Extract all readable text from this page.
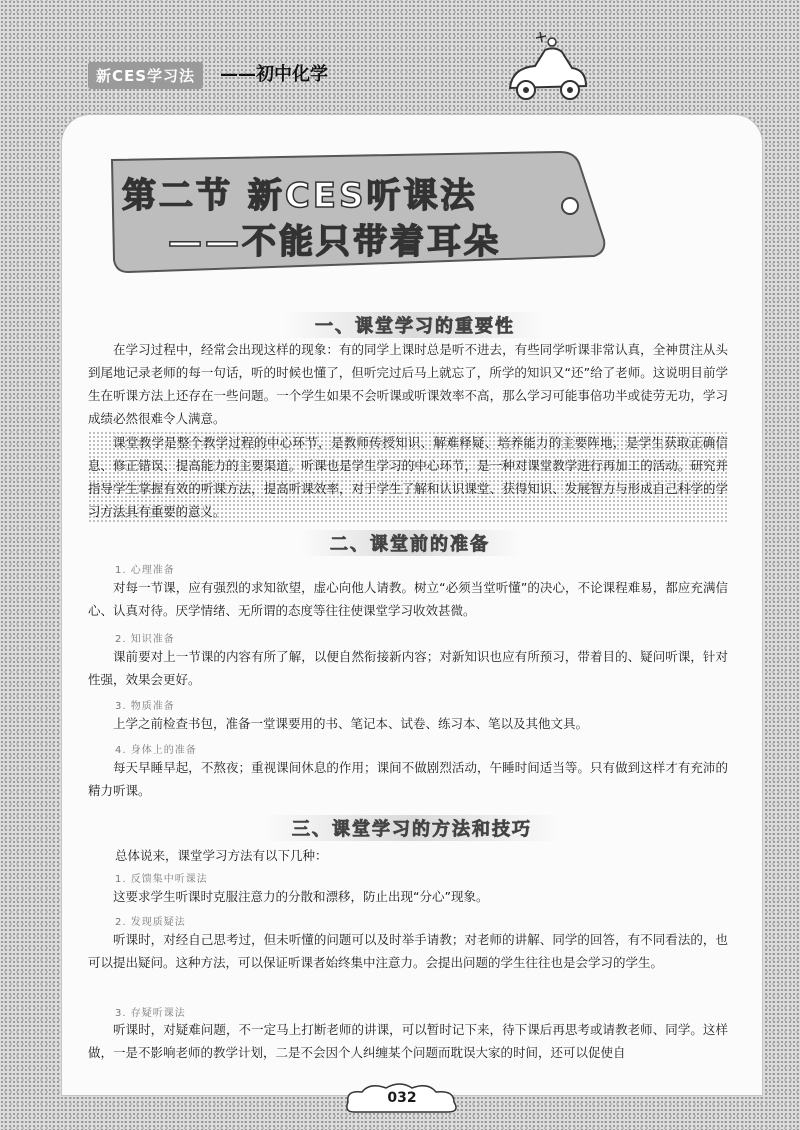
新CES学习法	——初中化学
第二节 新CES听课法
——不能只带着耳朵
一、课堂学习的重要性

在学习过程中，经常会出现这样的现象：有的同学上课时总是听不进去，有些同学听课非常认真，全神贯注从头到尾地记录老师的每一句话，听的时候也懂了，但听完过后马上就忘了，所学的知识又“还”给了老师。这说明目前学生在听课方法上还存在一些问题。一个学生如果不会听课或听课效率不高，那么学习可能事倍功半或徒劳无功，学习成绩必然很难令人满意。

课堂教学是整个教学过程的中心环节，是教师传授知识、解难释疑、培养能力的主要阵地，是学生获取正确信息、修正错误、提高能力的主要渠道。听课也是学生学习的中心环节，是一种对课堂教学进行再加工的活动。研究并指导学生掌握有效的听课方法，提高听课效率，对于学生了解和认识课堂、获得知识、发展智力与形成自己科学的学习方法具有重要的意义。

二、课堂前的准备
1. 心理准备

对每一节课，应有强烈的求知欲望，虚心向他人请教。树立“必须当堂听懂”的决心，不论课程难易，都应充满信心、认真对待。厌学情绪、无所谓的态度等往往使课堂学习收效甚微。

2. 知识准备

课前要对上一节课的内容有所了解，以便自然衔接新内容；对新知识也应有所预习，带着目的、疑问听课，针对性强，效果会更好。

3. 物质准备

上学之前检查书包，准备一堂课要用的书、笔记本、试卷、练习本、笔以及其他文具。

4. 身体上的准备

每天早睡早起，不熬夜；重视课间休息的作用；课间不做剧烈活动，午睡时间适当等。只有做到这样才有充沛的精力听课。

三、课堂学习的方法和技巧
总体说来，课堂学习方法有以下几种：
1. 反馈集中听课法

这要求学生听课时克服注意力的分散和漂移，防止出现“分心”现象。

2. 发现质疑法

听课时，对经自己思考过，但未听懂的问题可以及时举手请教；对老师的讲解、同学的回答，有不同看法的，也可以提出疑问。这种方法，可以保证听课者始终集中注意力。会提出问题的学生往往也是会学习的学生。

3. 存疑听课法

听课时，对疑难问题，不一定马上打断老师的讲课，可以暂时记下来，待下课后再思考或请教老师、同学。这样做，一是不影响老师的教学计划，二是不会因个人纠缠某个问题而耽误大家的时间，还可以促使自

032
